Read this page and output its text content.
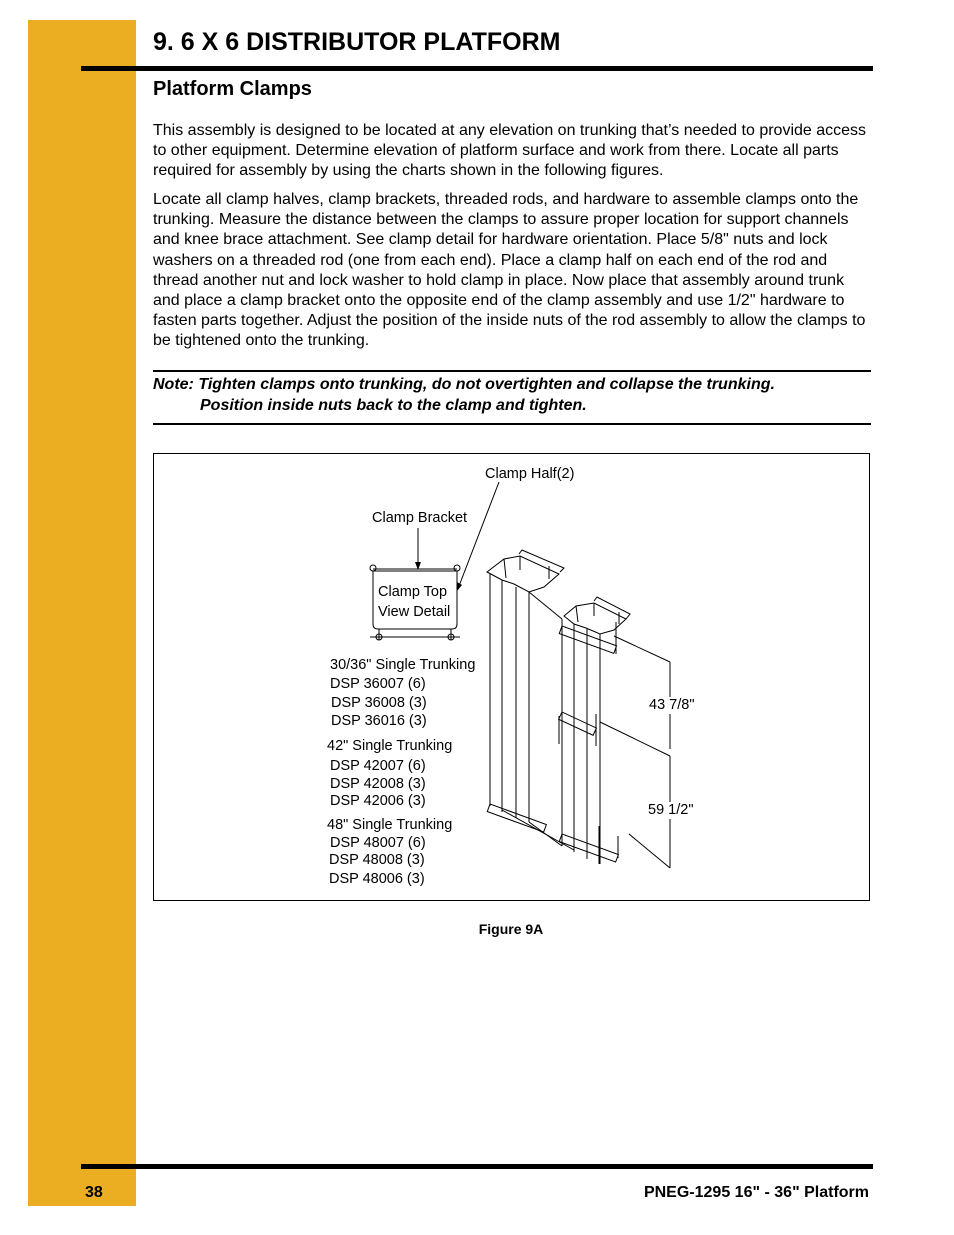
9. 6 X 6 DISTRIBUTOR PLATFORM
Platform Clamps

This assembly is designed to be located at any elevation on trunking that’s needed to provide access to other equipment. Determine elevation of platform surface and work from there. Locate all parts required for assembly by using the charts shown in the following figures.

Locate all clamp halves, clamp brackets, threaded rods, and hardware to assemble clamps onto the trunking. Measure the distance between the clamps to assure proper location for support channels and knee brace attachment. See clamp detail for hardware orientation. Place 5/8" nuts and lock washers on a threaded rod (one from each end). Place a clamp half on each end of the rod and thread another nut and lock washer to hold clamp in place. Now place that assembly around trunk and place a clamp bracket onto the opposite end of the clamp assembly and use 1/2" hardware to fasten parts together. Adjust the position of the inside nuts of the rod assembly to allow the clamps to be tightened onto the trunking.

Note: Tighten clamps onto trunking, do not overtighten and collapse the trunking.
Position inside nuts back to the clamp and tighten.

Clamp Half(2)
Clamp Bracket
Clamp Top
View Detail
43 7/8"
59 1/2"
30/36" Single Trunking
DSP 36007 (6)
DSP 36008 (3)
DSP 36016 (3)
42" Single Trunking
DSP 42007 (6)
DSP 42008 (3)
DSP 42006 (3)
48" Single Trunking
DSP 48007 (6)
DSP 48008 (3)
DSP 48006 (3)
Figure 9A
38	PNEG-1295 16" - 36" Platform
